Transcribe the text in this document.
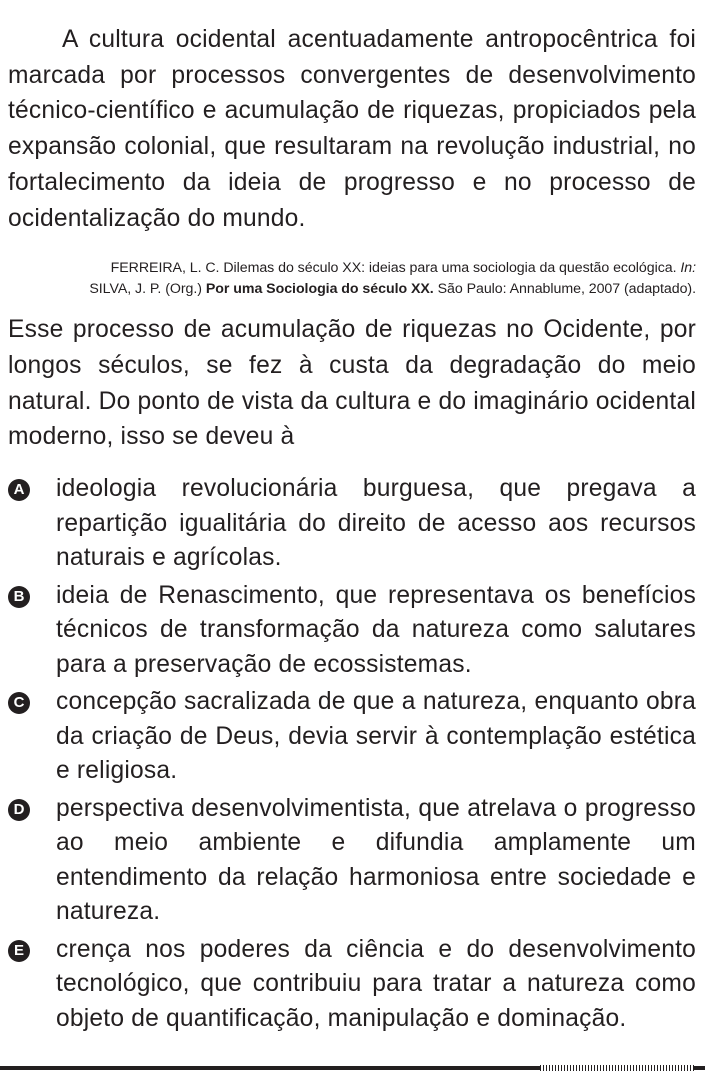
A cultura ocidental acentuadamente antropocêntrica foi marcada por processos convergentes de desenvolvimento técnico-científico e acumulação de riquezas, propiciados pela expansão colonial, que resultaram na revolução industrial, no fortalecimento da ideia de progresso e no processo de ocidentalização do mundo.

FERREIRA, L. C. Dilemas do século XX: ideias para uma sociologia da questão ecológica. In:
SILVA, J. P. (Org.) Por uma Sociologia do século XX. São Paulo: Annablume, 2007 (adaptado).

Esse processo de acumulação de riquezas no Ocidente, por longos séculos, se fez à custa da degradação do meio natural. Do ponto de vista da cultura e do imaginário ocidental moderno, isso se deveu à

A ideologia revolucionária burguesa, que pregava a repartição igualitária do direito de acesso aos recursos naturais e agrícolas.
B ideia de Renascimento, que representava os benefícios técnicos de transformação da natureza como salutares para a preservação de ecossistemas.
C concepção sacralizada de que a natureza, enquanto obra da criação de Deus, devia servir à contemplação estética e religiosa.
D perspectiva desenvolvimentista, que atrelava o progresso ao meio ambiente e difundia amplamente um entendimento da relação harmoniosa entre sociedade e natureza.
E crença nos poderes da ciência e do desenvolvimento tecnológico, que contribuiu para tratar a natureza como objeto de quantificação, manipulação e dominação.
